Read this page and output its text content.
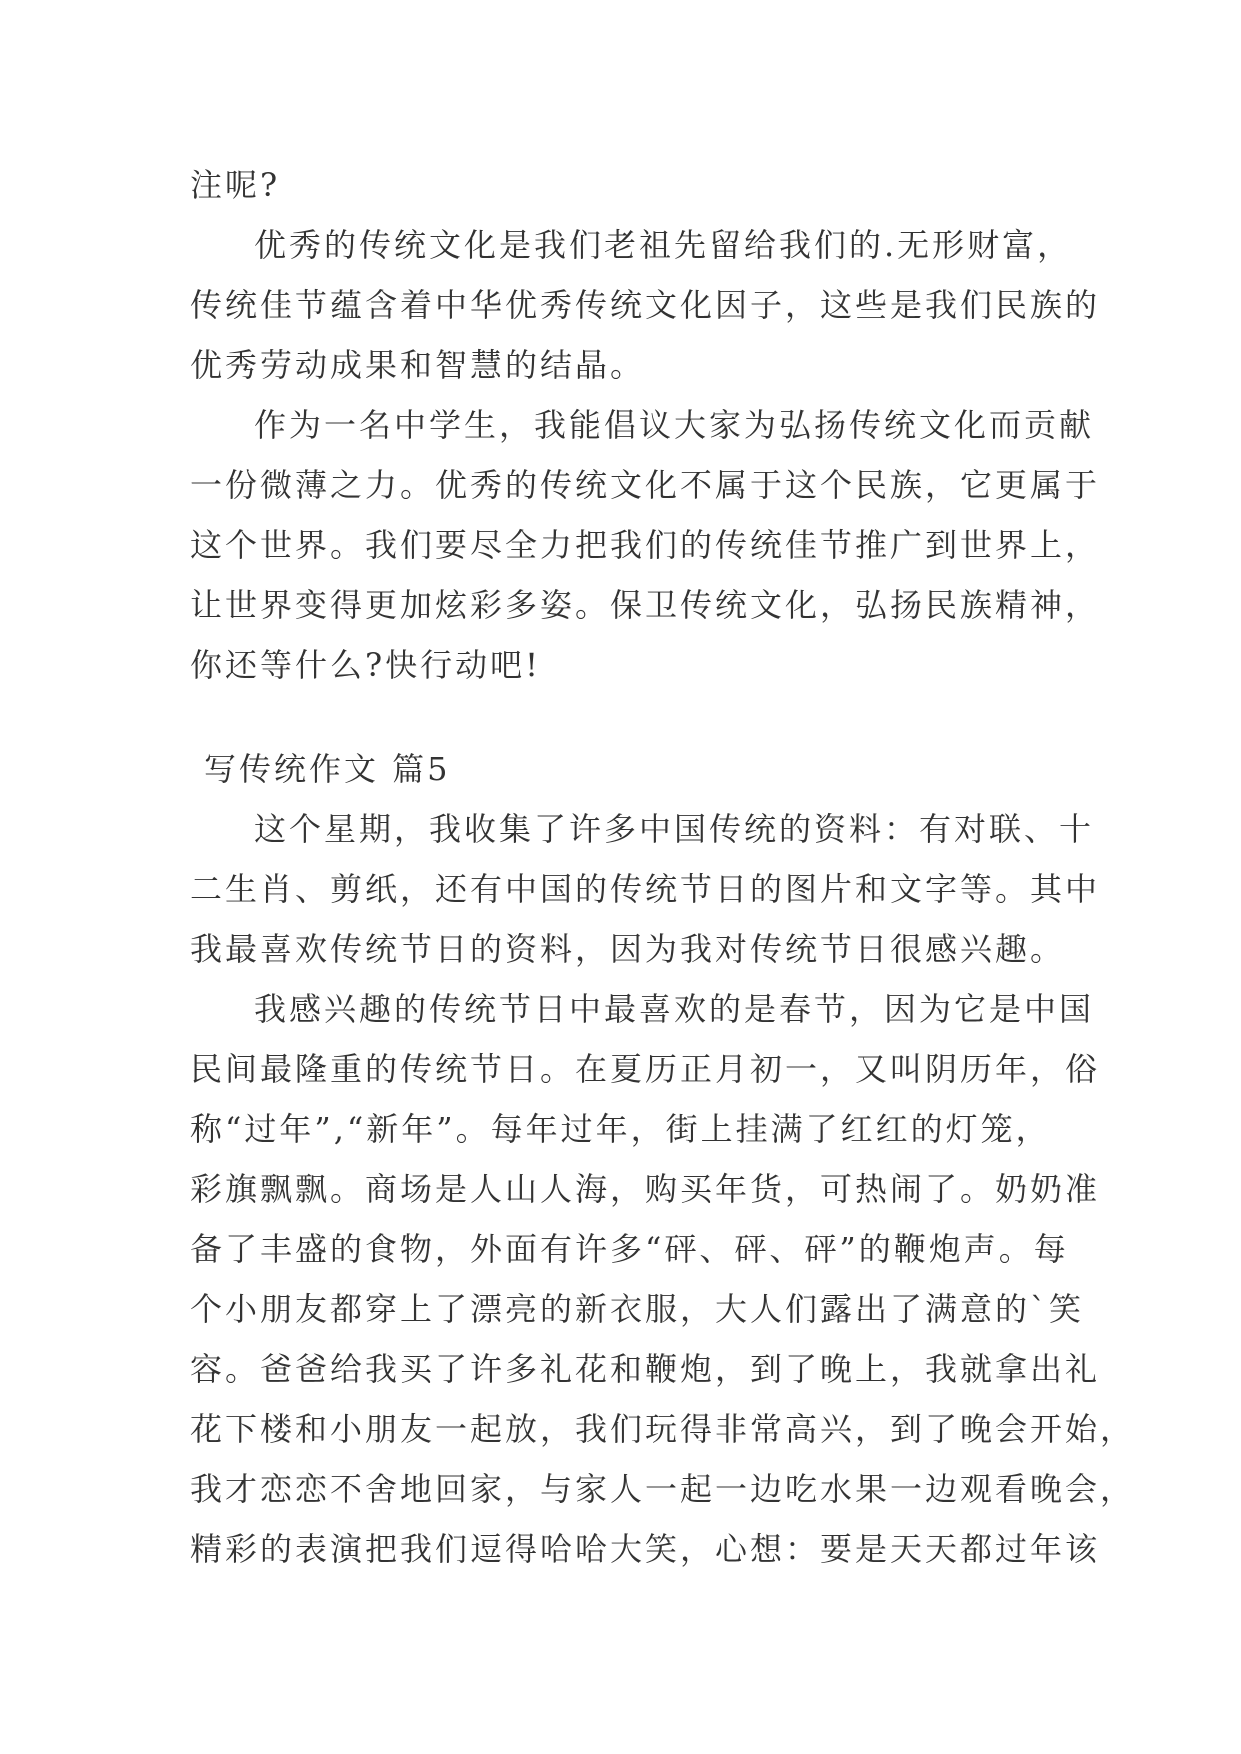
注呢?
优秀的传统文化是我们老祖先留给我们的.无形财富，
传统佳节蕴含着中华优秀传统文化因子，这些是我们民族的
优秀劳动成果和智慧的结晶。
作为一名中学生，我能倡议大家为弘扬传统文化而贡献
一份微薄之力。优秀的传统文化不属于这个民族，它更属于
这个世界。我们要尽全力把我们的传统佳节推广到世界上，
让世界变得更加炫彩多姿。保卫传统文化，弘扬民族精神，
你还等什么?快行动吧!
写传统作文 篇5
这个星期，我收集了许多中国传统的资料：有对联、十
二生肖、剪纸，还有中国的传统节日的图片和文字等。其中
我最喜欢传统节日的资料，因为我对传统节日很感兴趣。
我感兴趣的传统节日中最喜欢的是春节，因为它是中国
民间最隆重的传统节日。在夏历正月初一，又叫阴历年，俗
称“过年”,“新年”。每年过年，街上挂满了红红的灯笼，
彩旗飘飘。商场是人山人海，购买年货，可热闹了。奶奶准
备了丰盛的食物，外面有许多“砰、砰、砰”的鞭炮声。每
个小朋友都穿上了漂亮的新衣服，大人们露出了满意的`笑
容。爸爸给我买了许多礼花和鞭炮，到了晚上，我就拿出礼
花下楼和小朋友一起放，我们玩得非常高兴，到了晚会开始，
我才恋恋不舍地回家，与家人一起一边吃水果一边观看晚会，
精彩的表演把我们逗得哈哈大笑，心想：要是天天都过年该
